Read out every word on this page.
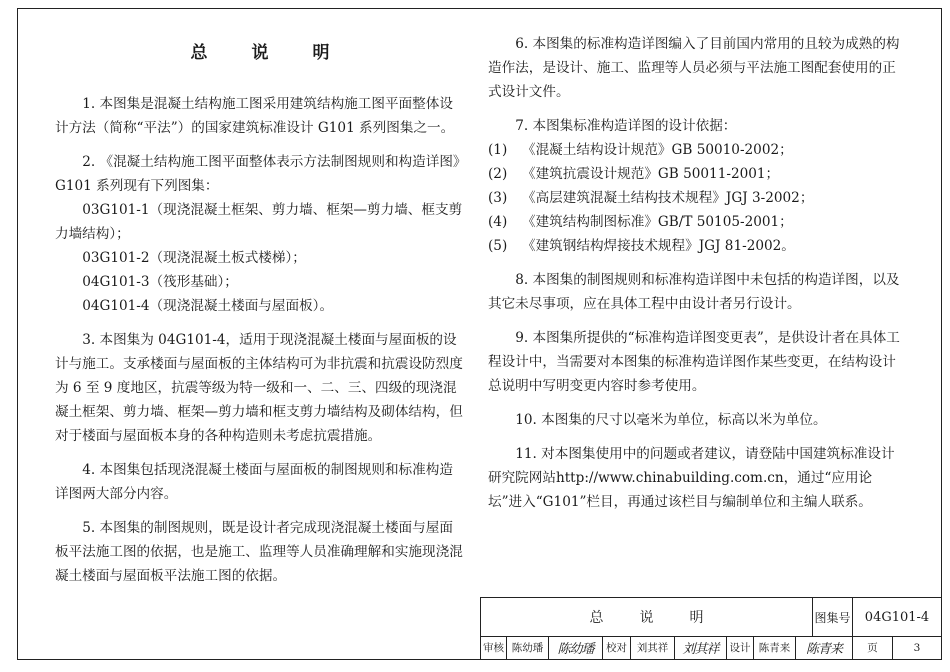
总	说	明

1. 本图集是混凝土结构施工图采用建筑结构施工图平面整体设计方法（简称“平法”）的国家建筑标准设计 G101 系列图集之一。

2. 《混凝土结构施工图平面整体表示方法制图规则和构造详图》G101 系列现有下列图集：

03G101-1（现浇混凝土框架、剪力墙、框架—剪力墙、框支剪力墙结构）；

03G101-2（现浇混凝土板式楼梯）；

04G101-3（筏形基础）；

04G101-4（现浇混凝土楼面与屋面板）。

3. 本图集为 04G101-4，适用于现浇混凝土楼面与屋面板的设计与施工。支承楼面与屋面板的主体结构可为非抗震和抗震设防烈度为 6 至 9 度地区，抗震等级为特一级和一、二、三、四级的现浇混凝土框架、剪力墙、框架—剪力墙和框支剪力墙结构及砌体结构，但对于楼面与屋面板本身的各种构造则未考虑抗震措施。

4. 本图集包括现浇混凝土楼面与屋面板的制图规则和标准构造详图两大部分内容。

5. 本图集的制图规则，既是设计者完成现浇混凝土楼面与屋面板平法施工图的依据，也是施工、监理等人员准确理解和实施现浇混凝土楼面与屋面板平法施工图的依据。

6. 本图集的标准构造详图编入了目前国内常用的且较为成熟的构造作法，是设计、施工、监理等人员必须与平法施工图配套使用的正式设计文件。

7. 本图集标准构造详图的设计依据：

(1) 《混凝土结构设计规范》GB 50010-2002；

(2) 《建筑抗震设计规范》GB 50011-2001；

(3) 《高层建筑混凝土结构技术规程》JGJ 3-2002；

(4) 《建筑结构制图标准》GB/T 50105-2001；

(5) 《建筑钢结构焊接技术规程》JGJ 81-2002。

8. 本图集的制图规则和标准构造详图中未包括的构造详图，以及其它未尽事项，应在具体工程中由设计者另行设计。

9. 本图集所提供的“标准构造详图变更表”，是供设计者在具体工程设计中，当需要对本图集的标准构造详图作某些变更，在结构设计总说明中写明变更内容时参考使用。

10. 本图集的尺寸以毫米为单位，标高以米为单位。

11. 对本图集使用中的问题或者建议，请登陆中国建筑标准设计研究院网站http://www.chinabuilding.com.cn，通过“应用论坛”进入“G101”栏目，再通过该栏目与编制单位和主编人联系。

总	说	明	图集号	04G101-4
审核 陈幼璠	陈幼璠	校对 刘其祥	刘其祥	设计 陈青来	陈青来	页	3
